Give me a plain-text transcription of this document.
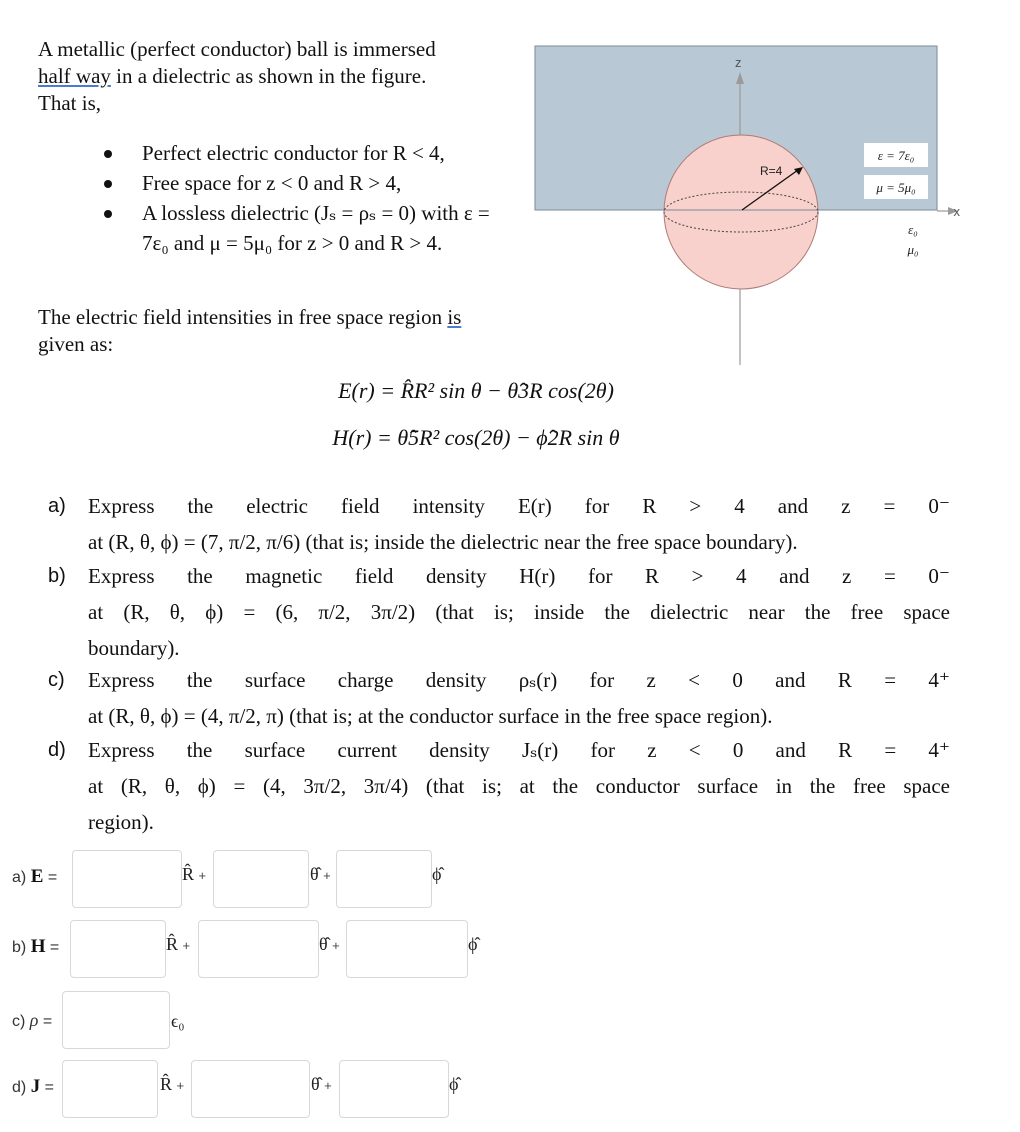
A metallic (perfect conductor) ball is immersed
half way in a dielectric as shown in the figure.
That is,
Perfect electric conductor for R < 4,
Free space for z < 0 and R > 4,
A lossless dielectric (Jₛ = ρₛ = 0) with ε = 7ε₀ and μ = 5μ₀ for z > 0 and R > 4.
The electric field intensities in free space region is
given as:
z
x
R=4
ε = 7ε₀
μ = 5μ₀
ε₀
μ₀
E(r) = R̂R² sin θ − θ̂3R cos(2θ)
H(r) = θ̂5R² cos(2θ) − ϕ̂2R sin θ
a) Express the electric field intensity E(r) for R > 4 and z = 0⁻
at (R, θ, ϕ) = (7, π/2, π/6) (that is; inside the dielectric near the free space boundary).
b) Express the magnetic field density H(r) for R > 4 and z = 0⁻
at (R, θ, ϕ) = (6, π/2, 3π/2) (that is; inside the dielectric near the free space
boundary).
c) Express the surface charge density ρₛ(r) for z < 0 and R = 4⁺
at (R, θ, ϕ) = (4, π/2, π) (that is; at the conductor surface in the free space region).
d) Express the surface current density Jₛ(r) for z < 0 and R = 4⁺
at (R, θ, ϕ) = (4, 3π/2, 3π/4) (that is; at the conductor surface in the free space
region).
a) E =	R̂ +	θ̂ +	ϕ̂
b) H =	R̂ +	θ̂ +	ϕ̂
c) ρ =	ϵ₀
d) J =	R̂ +	θ̂ +	ϕ̂
